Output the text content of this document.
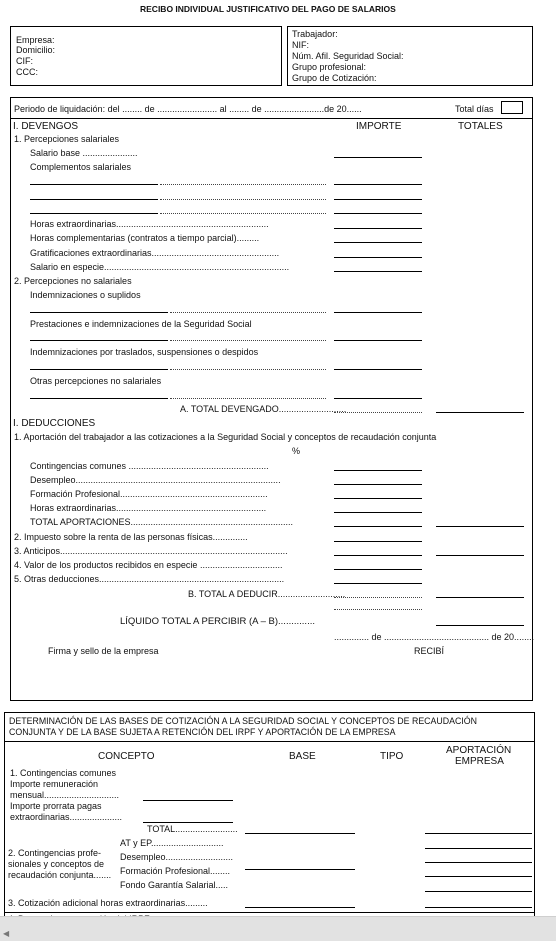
RECIBO INDIVIDUAL JUSTIFICATIVO DEL PAGO DE SALARIOS
Empresa:
Domicilio:
CIF:
CCC:
Trabajador:
NIF:
Núm. Afil. Seguridad Social:
Grupo profesional:
Grupo de Cotización:
Periodo de liquidación: del ........ de ........................ al ........ de ........................de 20......	Total días
I. DEVENGOS	IMPORTE	TOTALES
1. Percepciones salariales
Salario base ......................
Complementos salariales
Horas extraordinarias.............................................................
Horas complementarias (contratos a tiempo parcial).........
Gratificaciones extraordinarias...................................................
Salario en especie..........................................................................
2. Percepciones no salariales
Indemnizaciones o suplidos
Prestaciones e indemnizaciones de la Seguridad Social
Indemnizaciones por traslados, suspensiones o despidos
Otras percepciones no salariales
A. TOTAL DEVENGADO...........................
I. DEDUCCIONES
1. Aportación del trabajador a las cotizaciones a la Seguridad Social y conceptos de recaudación conjunta
%
Contingencias comunes ........................................................
Desempleo..................................................................................
Formación Profesional...........................................................
Horas extraordinarias............................................................
TOTAL APORTACIONES.................................................................
2. Impuesto sobre la renta de las personas físicas..............
3. Anticipos...........................................................................................
4. Valor de los productos recibidos en especie .................................
5. Otras deducciones..........................................................................
B. TOTAL A DEDUCIR...........................
LÍQUIDO TOTAL A PERCIBIR (A – B)..............
.............. de .......................................... de 20........
Firma y sello de la empresa	RECIBÍ
DETERMINACIÓN DE LAS BASES DE COTIZACIÓN A LA SEGURIDAD SOCIAL Y CONCEPTOS DE RECAUDACIÓN
CONJUNTA Y DE LA BASE SUJETA A RETENCIÓN DEL IRPF Y APORTACIÓN DE LA EMPRESA
CONCEPTO	BASE	TIPO
APORTACIÓN
EMPRESA
1. Contingencias comunes
Importe remuneración
mensual..............................
Importe prorrata pagas
extraordinarias.....................
TOTAL.........................
AT y EP.............................
2. Contingencias profe-
sionales y conceptos de
recaudación conjunta.......
Desempleo...........................
Formación Profesional........
Fondo Garantía Salarial.....
3. Cotización adicional horas extraordinarias.........
◀
